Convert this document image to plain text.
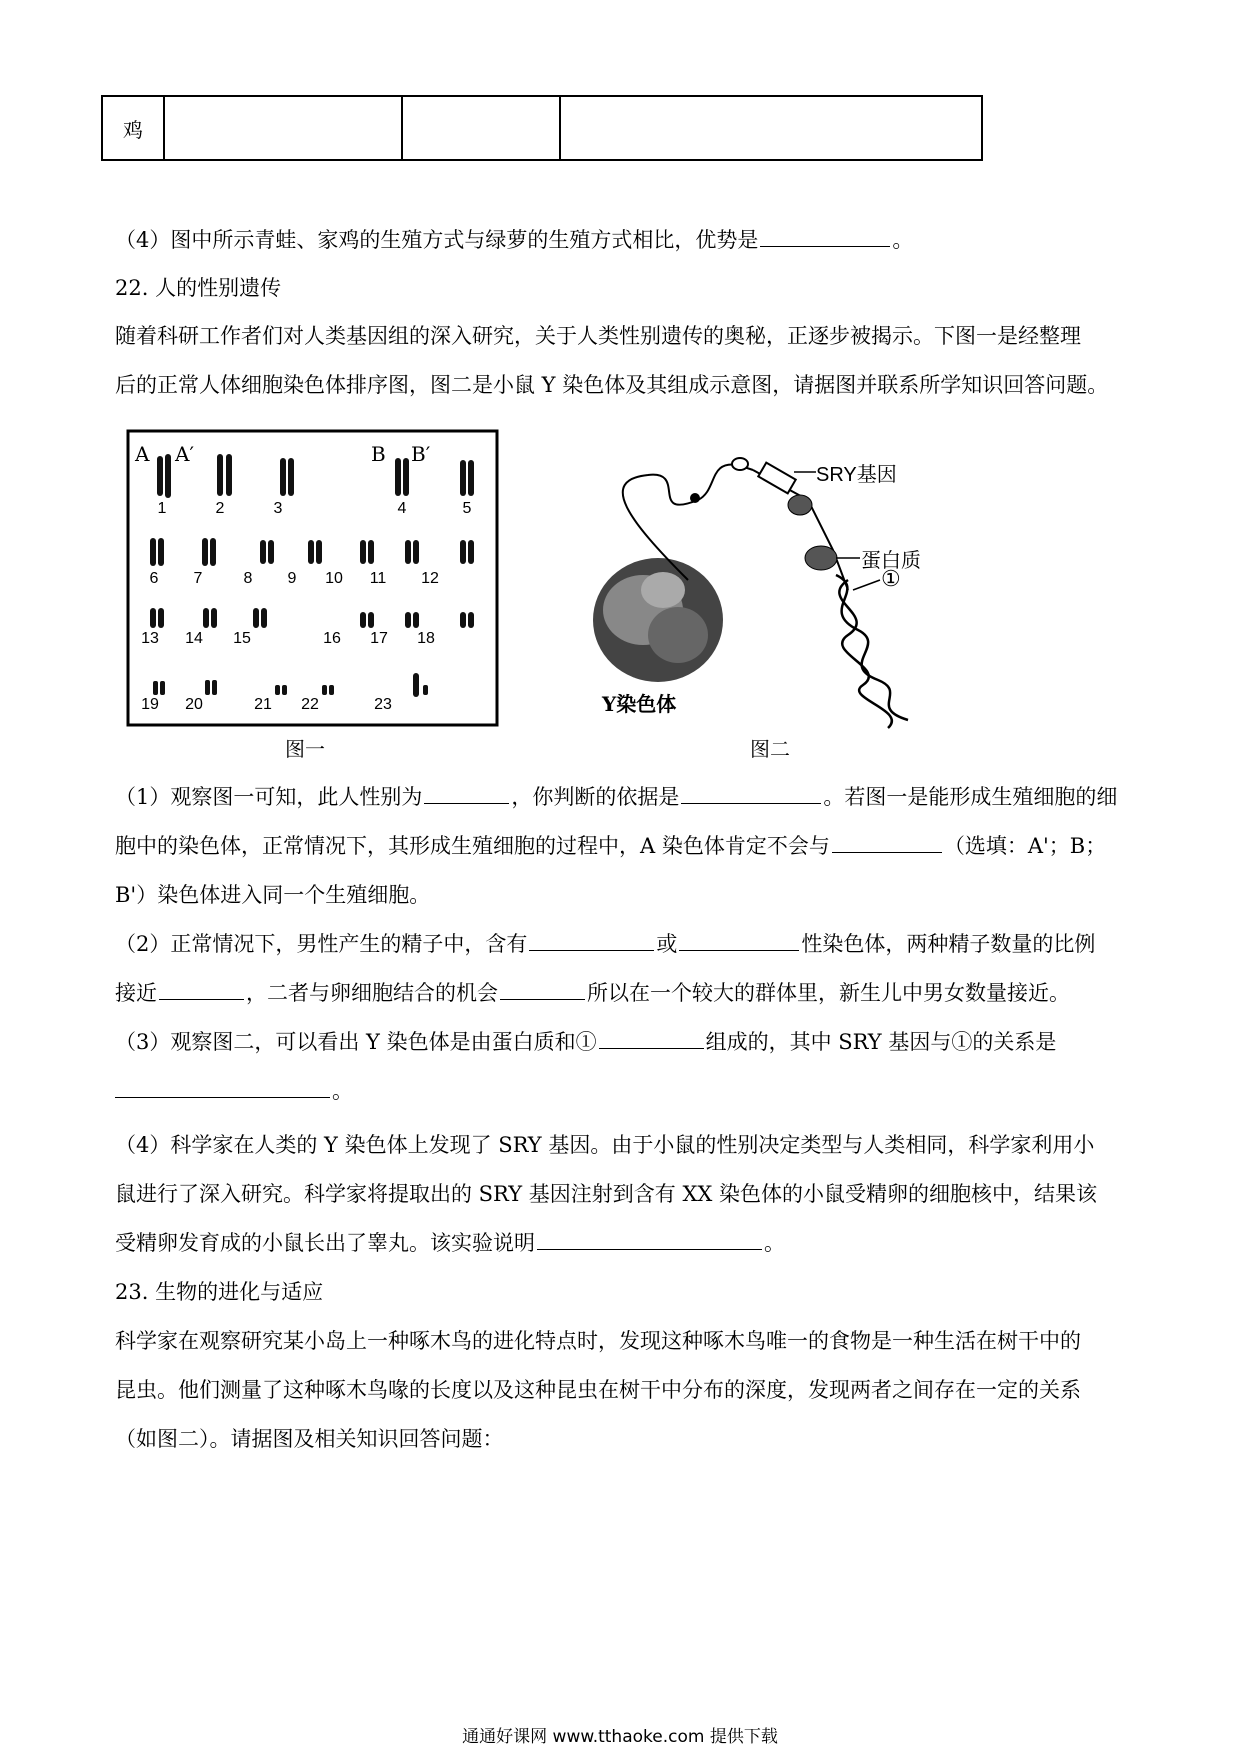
鸡			
（4）图中所示青蛙、家鸡的生殖方式与绿萝的生殖方式相比，优势是	。
22. 人的性别遗传
随着科研工作者们对人类基因组的深入研究，关于人类性别遗传的奥秘，正逐步被揭示。下图一是经整理
后的正常人体细胞染色体排序图，图二是小鼠 Y 染色体及其组成示意图，请据图并联系所学知识回答问题。
A A′	B B′
1	2	3	4	5
6	7	8	9	10	11	12
13	14	15	16	17	18
19	20	21	22	23
图一
SRY基因
蛋白质
①
Y染色体
图二
（1）观察图一可知，此人性别为	，你判断的依据是	。若图一是能形成生殖细胞的细
胞中的染色体，正常情况下，其形成生殖细胞的过程中，A 染色体肯定不会与	（选填：A'；B；
B'）染色体进入同一个生殖细胞。
（2）正常情况下，男性产生的精子中，含有	或	性染色体，两种精子数量的比例
接近	，二者与卵细胞结合的机会	所以在一个较大的群体里，新生儿中男女数量接近。
（3）观察图二，可以看出 Y 染色体是由蛋白质和①	组成的，其中 SRY 基因与①的关系是
。
（4）科学家在人类的 Y 染色体上发现了 SRY 基因。由于小鼠的性别决定类型与人类相同，科学家利用小
鼠进行了深入研究。科学家将提取出的 SRY 基因注射到含有 XX 染色体的小鼠受精卵的细胞核中，结果该
受精卵发育成的小鼠长出了睾丸。该实验说明	。
23. 生物的进化与适应
科学家在观察研究某小岛上一种啄木鸟的进化特点时，发现这种啄木鸟唯一的食物是一种生活在树干中的
昆虫。他们测量了这种啄木鸟喙的长度以及这种昆虫在树干中分布的深度，发现两者之间存在一定的关系
（如图二）。请据图及相关知识回答问题：
通通好课网 www.tthaoke.com 提供下载
